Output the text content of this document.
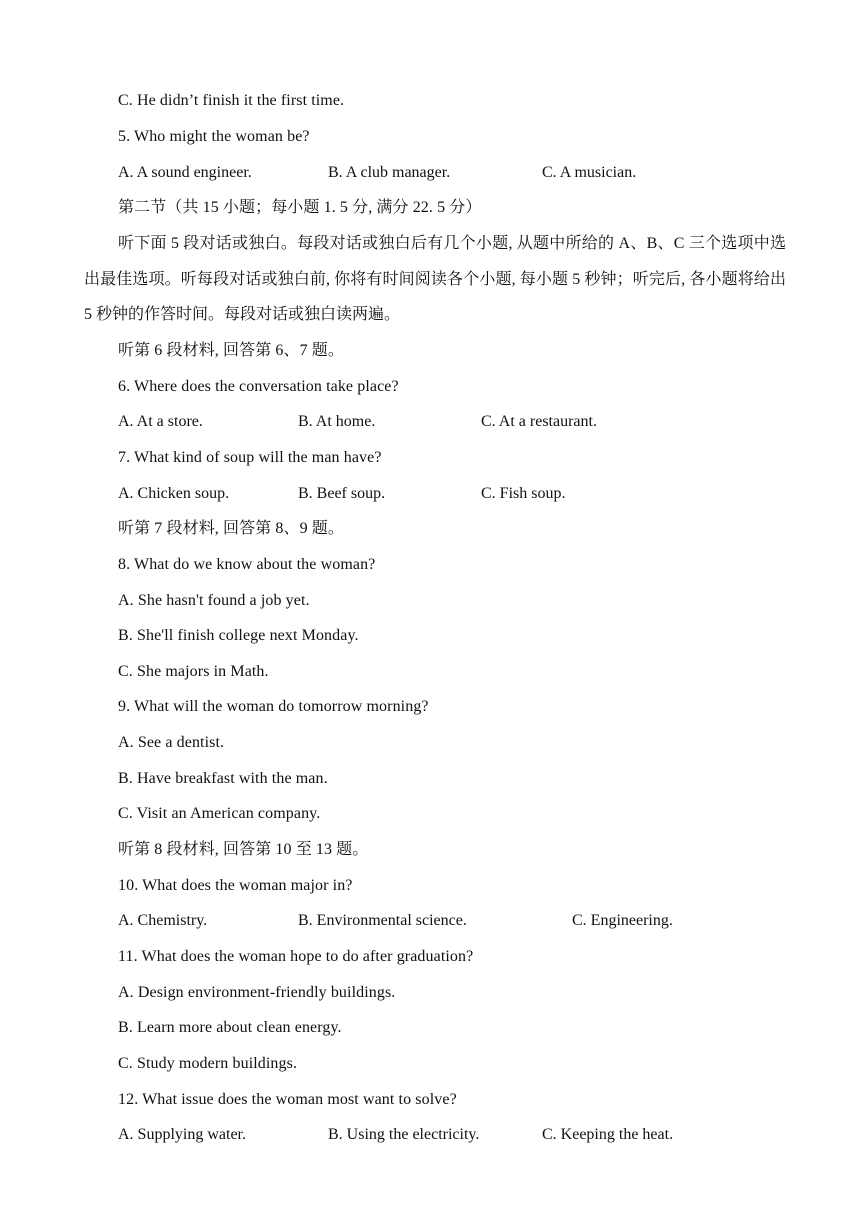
C. He didn’t finish it the first time.
5. Who might the woman be?
A. A sound engineer.	B. A club manager.	C. A musician.
第二节（共 15 小题；每小题 1. 5 分, 满分 22. 5 分）
听下面 5 段对话或独白。每段对话或独白后有几个小题, 从题中所给的 A、B、C 三个选项中选出最佳选项。听每段对话或独白前, 你将有时间阅读各个小题, 每小题 5 秒钟；听完后, 各小题将给出 5 秒钟的作答时间。每段对话或独白读两遍。
听第 6 段材料, 回答第 6、7 题。
6. Where does the conversation take place?
A. At a store.	B. At home.	C. At a restaurant.
7. What kind of soup will the man have?
A. Chicken soup.	B. Beef soup.	C. Fish soup.
听第 7 段材料, 回答第 8、9 题。
8. What do we know about the woman?
A. She hasn't found a job yet.
B. She'll finish college next Monday.
C. She majors in Math.
9. What will the woman do tomorrow morning?
A. See a dentist.
B. Have breakfast with the man.
C. Visit an American company.
听第 8 段材料, 回答第 10 至 13 题。
10. What does the woman major in?
A. Chemistry.	B. Environmental science.	C. Engineering.
11. What does the woman hope to do after graduation?
A. Design environment-friendly buildings.
B. Learn more about clean energy.
C. Study modern buildings.
12. What issue does the woman most want to solve?
A. Supplying water.	B. Using the electricity.	C. Keeping the heat.
